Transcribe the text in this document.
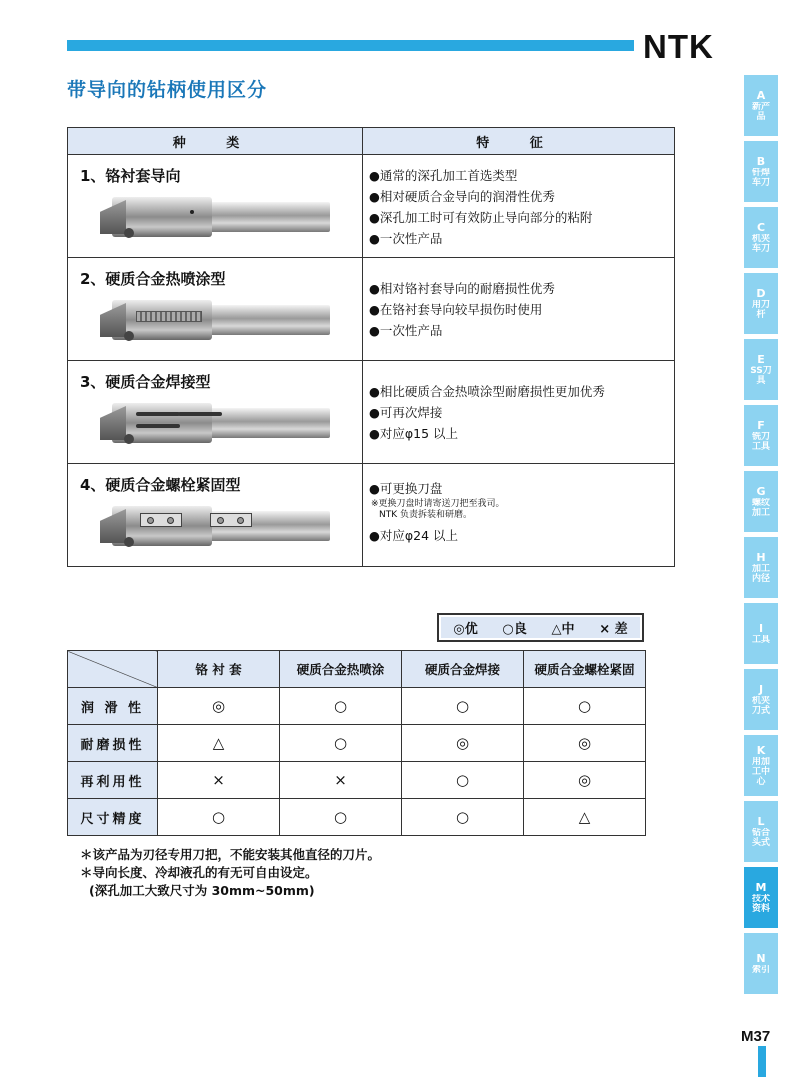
NTK
带导向的钻柄使用区分
种 类	特 征

1、铬衬套导向	●通常的深孔加工首选类型
●相对硬质合金导向的润滑性优秀
●深孔加工时可有效防止导向部分的粘附
●一次性产品

2、硬质合金热喷涂型	●相对铬衬套导向的耐磨损性优秀
●在铬衬套导向较早损伤时使用
●一次性产品

3、硬质合金焊接型	●相比硬质合金热喷涂型耐磨损性更加优秀
●可再次焊接
●对应φ15 以上

4、硬质合金螺栓紧固型	●可更换刀盘
※更换刀盘时请寄送刀把至我司。
NTK 负责拆装和研磨。
●对应φ24 以上
◎优 ○良 △中 × 差
	铬 衬 套	硬质合金热喷涂	硬质合金焊接	硬质合金螺栓紧固
润 滑 性	◎	○	○	○
耐磨损性	△	○	◎	◎
再利用性	×	×	○	◎
尺寸精度	○	○	○	△
＊该产品为刃径专用刀把，不能安装其他直径的刀片。
＊导向长度、冷却液孔的有无可自由设定。
(深孔加工大致尺寸为 30mm~50mm)
A
新产品
B
钎焊车刀
C
机夹车刀
D
用刀杆
E
SS刀具
F
铣刀工具
G
螺纹加工
H
加工内径
I
工具
J
机夹刀式
K
用加工中心
L
钻合头式
M
技术资料
N
索引
M37
